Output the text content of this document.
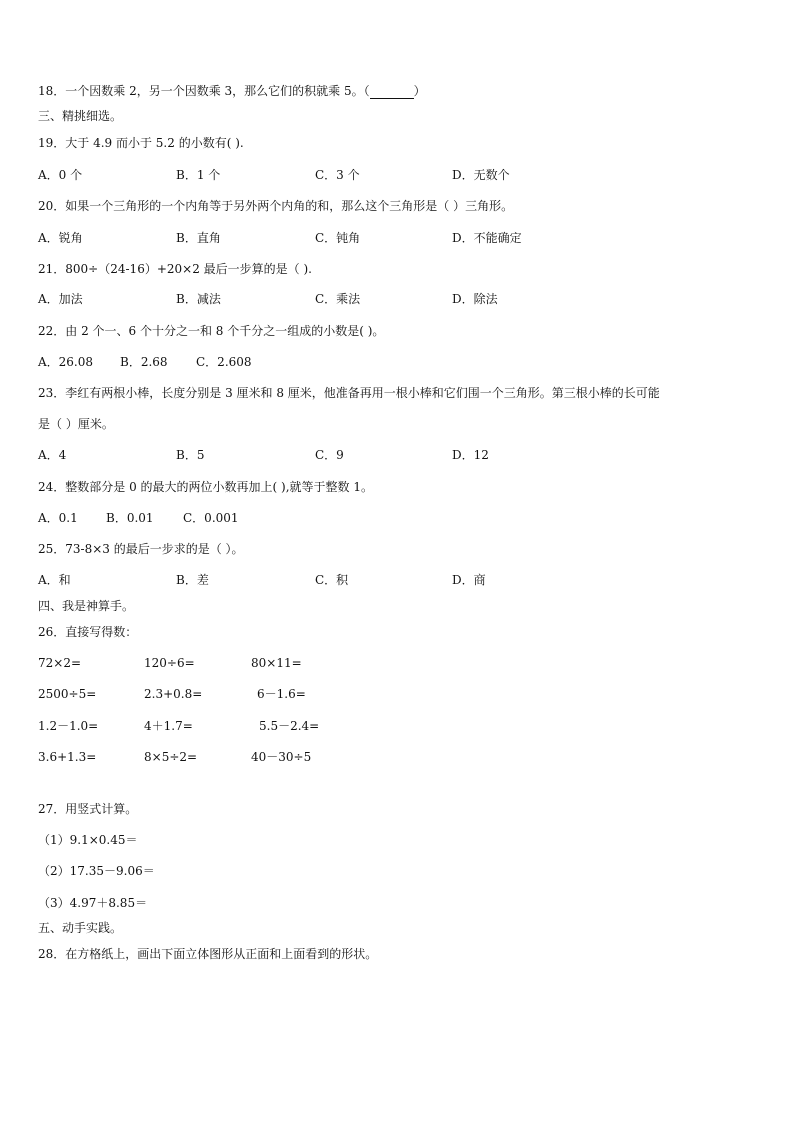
18．一个因数乘 2，另一个因数乘 3，那么它们的积就乘 5。（	）
三、精挑细选。
19．大于 4.9 而小于 5.2 的小数有( ).
A．0 个	B．1 个	C．3 个	D．无数个
20．如果一个三角形的一个内角等于另外两个内角的和，那么这个三角形是（ ）三角形。
A．锐角	B．直角	C．钝角	D．不能确定
21．800÷（24-16）+20×2 最后一步算的是（ ).
A．加法	B．减法	C．乘法	D．除法
22．由 2 个一、6 个十分之一和 8 个千分之一组成的小数是( )。
A．26.08 B．2.68 C．2.608
23．李红有两根小棒，长度分别是 3 厘米和 8 厘米，他准备再用一根小棒和它们围一个三角形。第三根小棒的长可能
是（ ）厘米。
A．4	B．5	C．9	D．12
24．整数部分是 0 的最大的两位小数再加上( ),就等于整数 1。
A．0.1 B．0.01 C．0.001
25．73-8×3 的最后一步求的是（ ）。
A．和	B．差	C．积	D．商
四、我是神算手。
26．直接写得数：
72×2=	120÷6=	80×11=
2500÷5=	2.3+0.8=	6－1.6=
1.2－1.0=	4＋1.7=	5.5－2.4=
3.6+1.3=	8×5÷2=	40－30÷5
27．用竖式计算。
（1）9.1×0.45＝
（2）17.35－9.06＝
（3）4.97＋8.85＝
五、动手实践。
28．在方格纸上，画出下面立体图形从正面和上面看到的形状。
